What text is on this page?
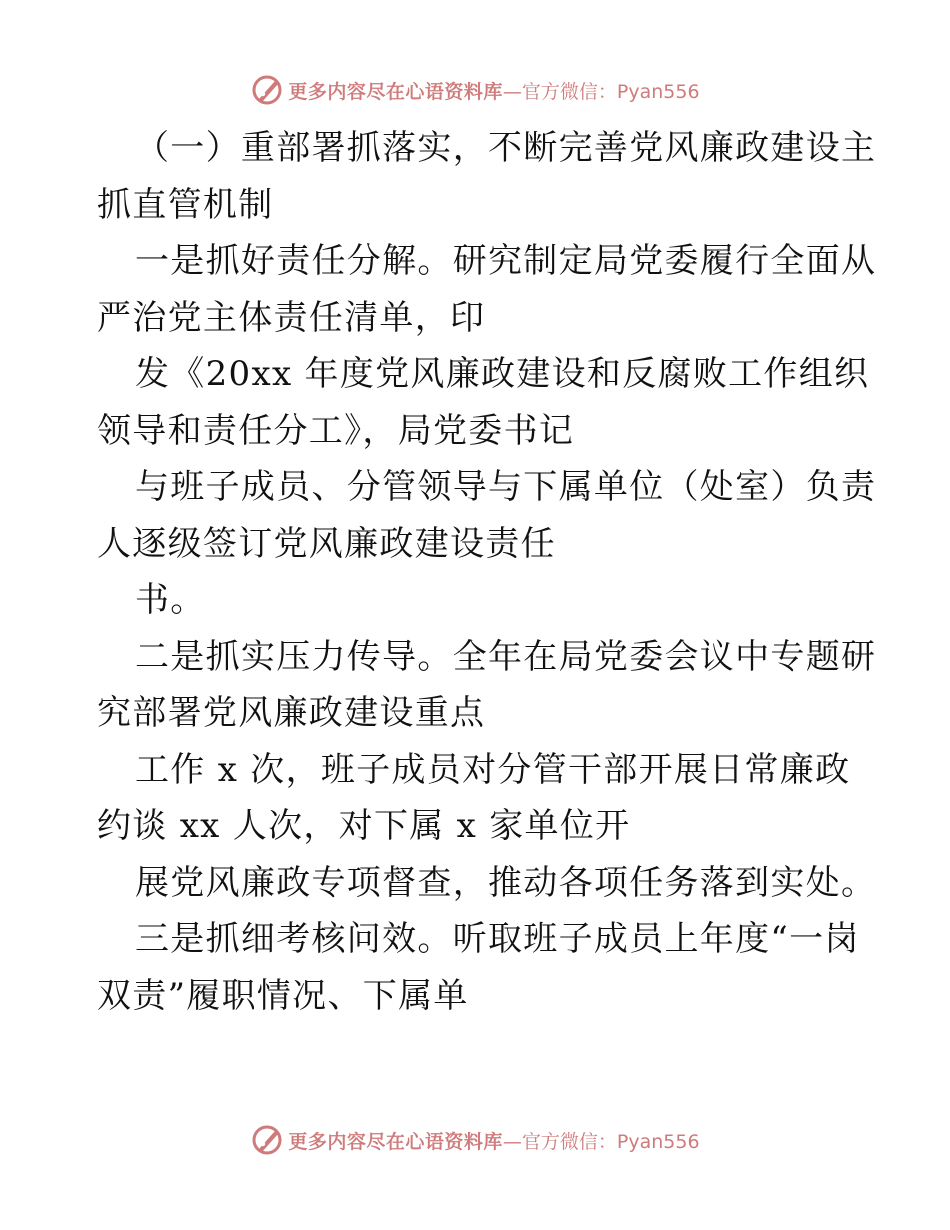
更多内容尽在心语资料库 —官方微信：Pyan556
（一）重部署抓落实，不断完善党风廉政建设主
抓直管机制
一是抓好责任分解。研究制定局党委履行全面从
严治党主体责任清单，印
发《20xx 年度党风廉政建设和反腐败工作组织
领导和责任分工》，局党委书记
与班子成员、分管领导与下属单位（处室）负责
人逐级签订党风廉政建设责任
书。
二是抓实压力传导。全年在局党委会议中专题研
究部署党风廉政建设重点
工作 x 次，班子成员对分管干部开展日常廉政
约谈 xx 人次，对下属 x 家单位开
展党风廉政专项督查，推动各项任务落到实处。
三是抓细考核问效。听取班子成员上年度“一岗
双责”履职情况、下属单
更多内容尽在心语资料库 —官方微信：Pyan556
